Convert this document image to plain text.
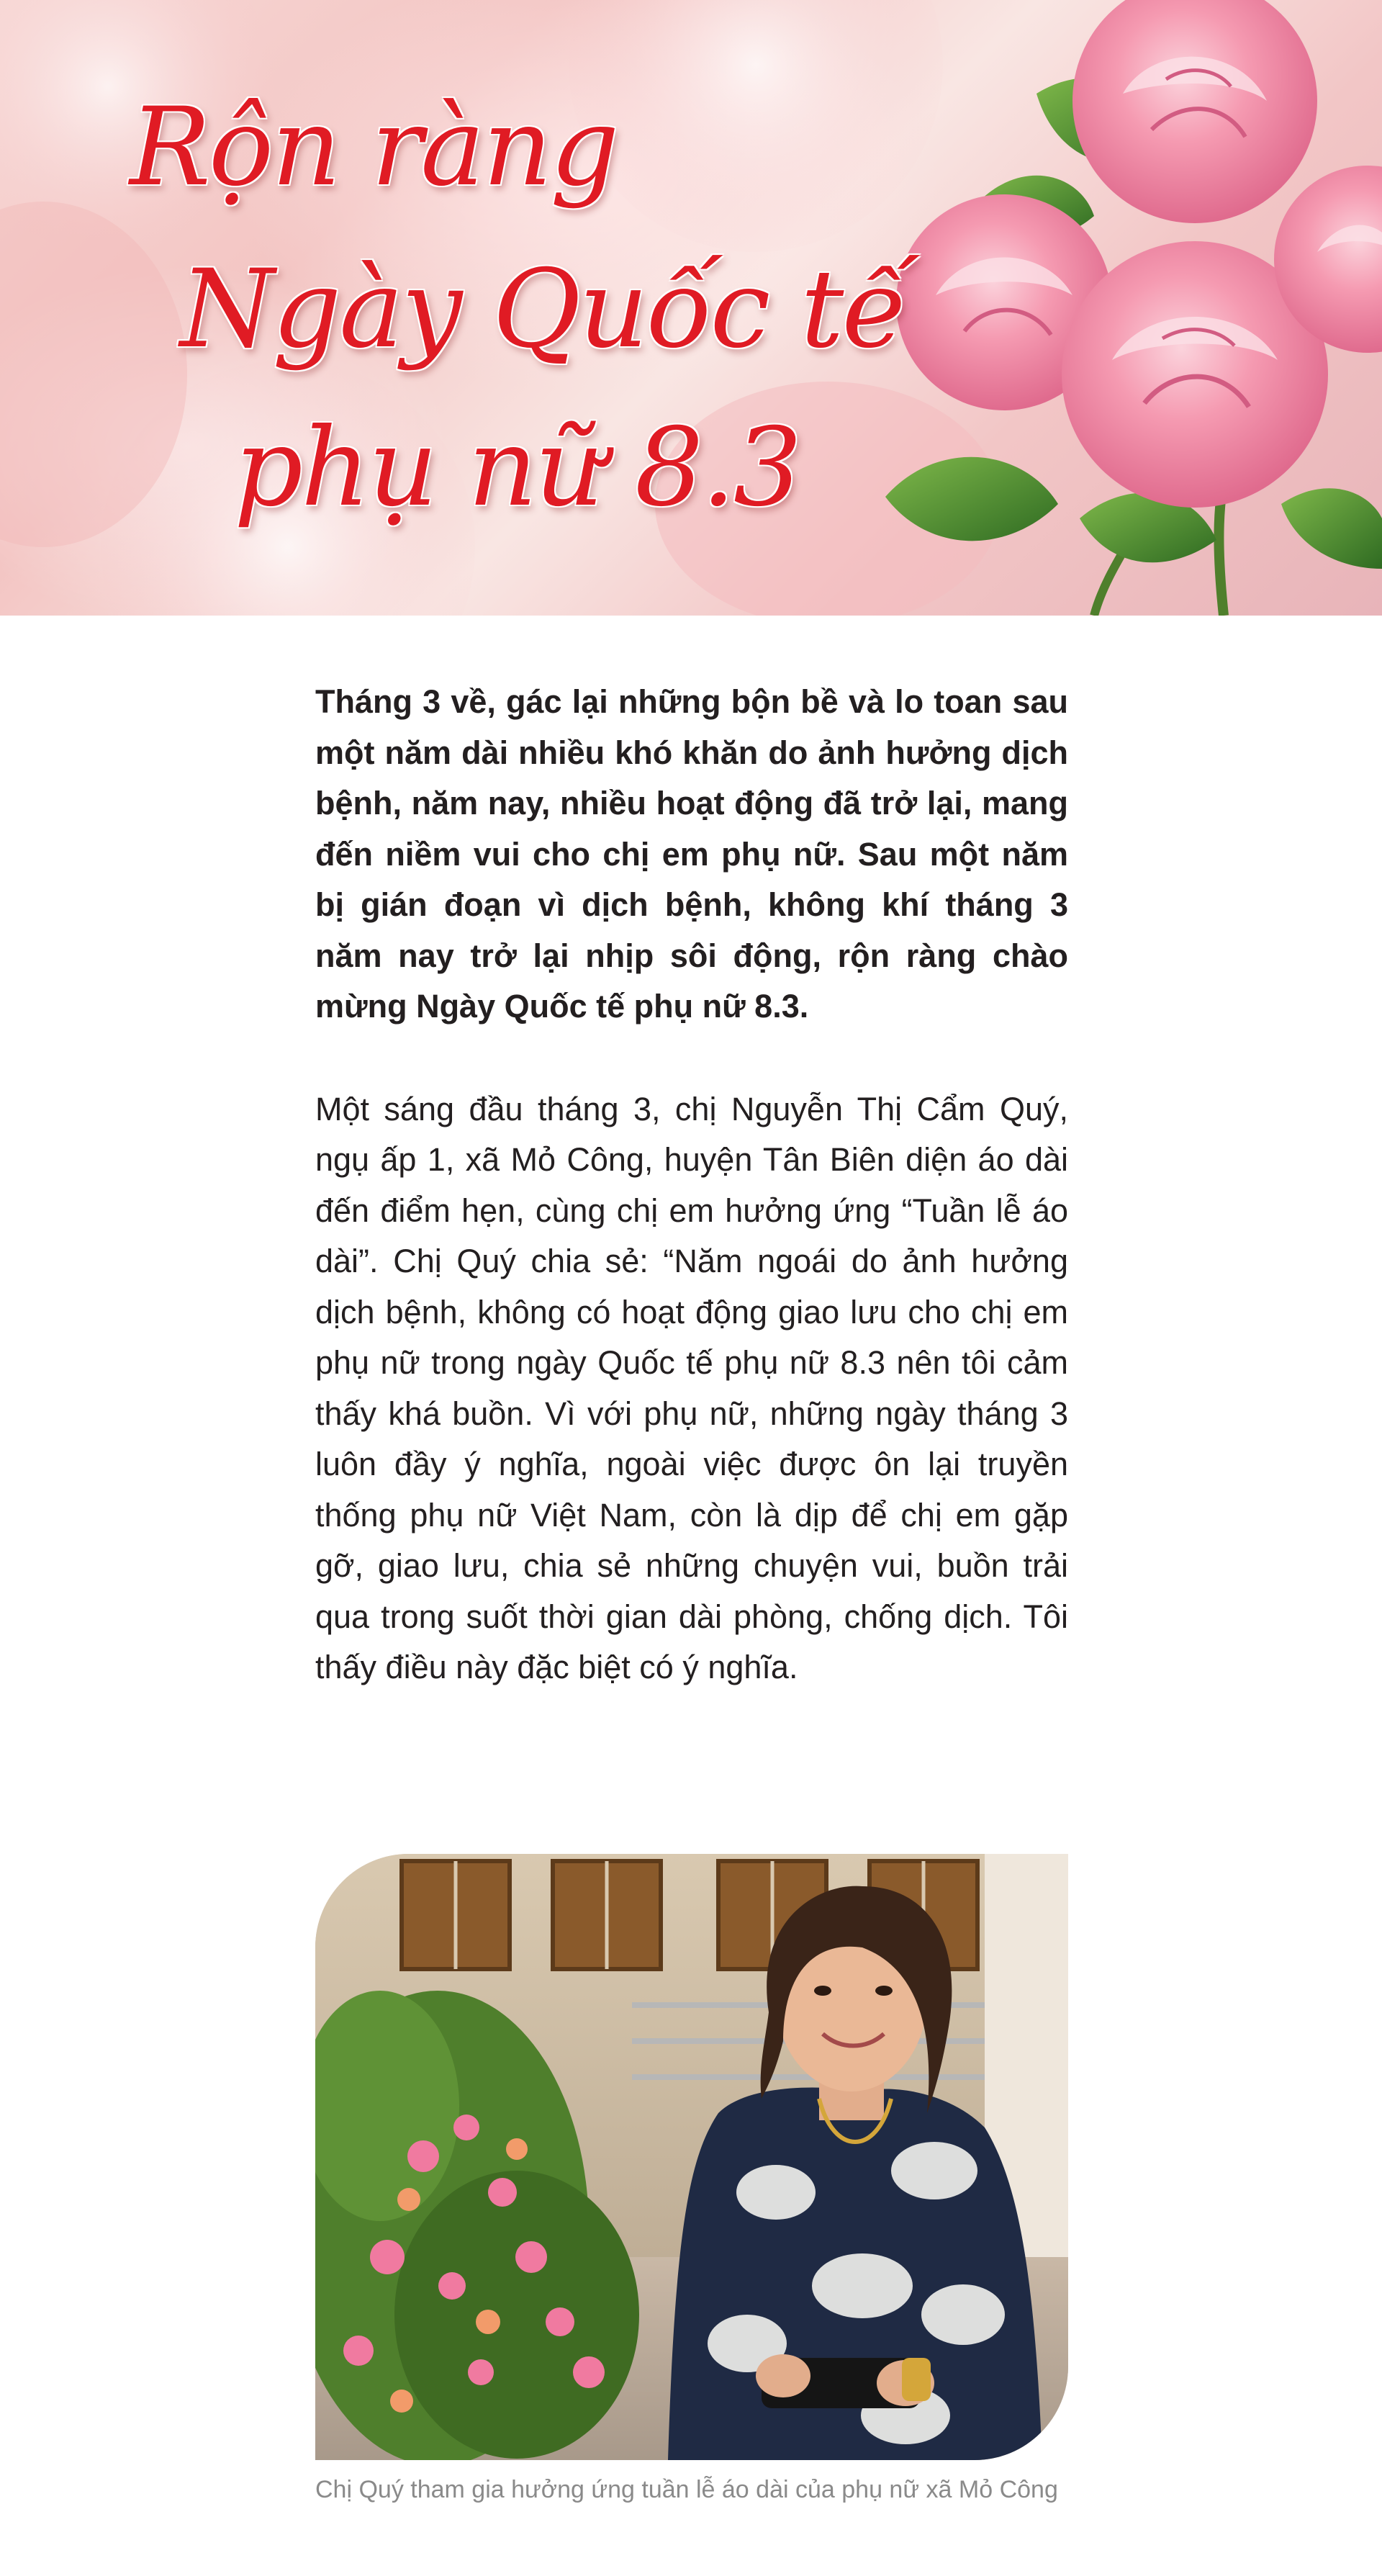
Rộn ràng
Ngày Quốc tế
phụ nữ 8.3

Tháng 3 về, gác lại những bộn bề và lo toan sau một năm dài nhiều khó khăn do ảnh hưởng dịch bệnh, năm nay, nhiều hoạt động đã trở lại, mang đến niềm vui cho chị em phụ nữ. Sau một năm bị gián đoạn vì dịch bệnh, không khí tháng 3 năm nay trở lại nhịp sôi động, rộn ràng chào mừng Ngày Quốc tế phụ nữ 8.3.

Một sáng đầu tháng 3, chị Nguyễn Thị Cẩm Quý, ngụ ấp 1, xã Mỏ Công, huyện Tân Biên diện áo dài đến điểm hẹn, cùng chị em hưởng ứng “Tuần lễ áo dài”. Chị Quý chia sẻ: “Năm ngoái do ảnh hưởng dịch bệnh, không có hoạt động giao lưu cho chị em phụ nữ trong ngày Quốc tế phụ nữ 8.3 nên tôi cảm thấy khá buồn. Vì với phụ nữ, những ngày tháng 3 luôn đầy ý nghĩa, ngoài việc được ôn lại truyền thống phụ nữ Việt Nam, còn là dịp để chị em gặp gỡ, giao lưu, chia sẻ những chuyện vui, buồn trải qua trong suốt thời gian dài phòng, chống dịch. Tôi thấy điều này đặc biệt có ý nghĩa.

Chị Quý tham gia hưởng ứng tuần lễ áo dài của phụ nữ xã Mỏ Công
